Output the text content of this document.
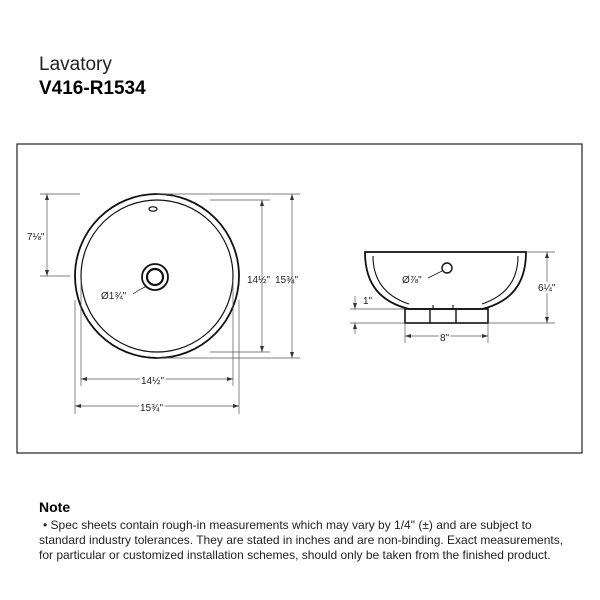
Lavatory
V416-R1534
7⅛"
Ø1¾"
14½" 15¾"
14½"
15¾"
Ø⅞"
1"
6¼"
8"
Note
• Spec sheets contain rough-in measurements which may vary by 1/4" (±) and are subject to standard industry tolerances. They are stated in inches and are non-binding. Exact measurements, for particular or customized installation schemes, should only be taken from the finished product.
